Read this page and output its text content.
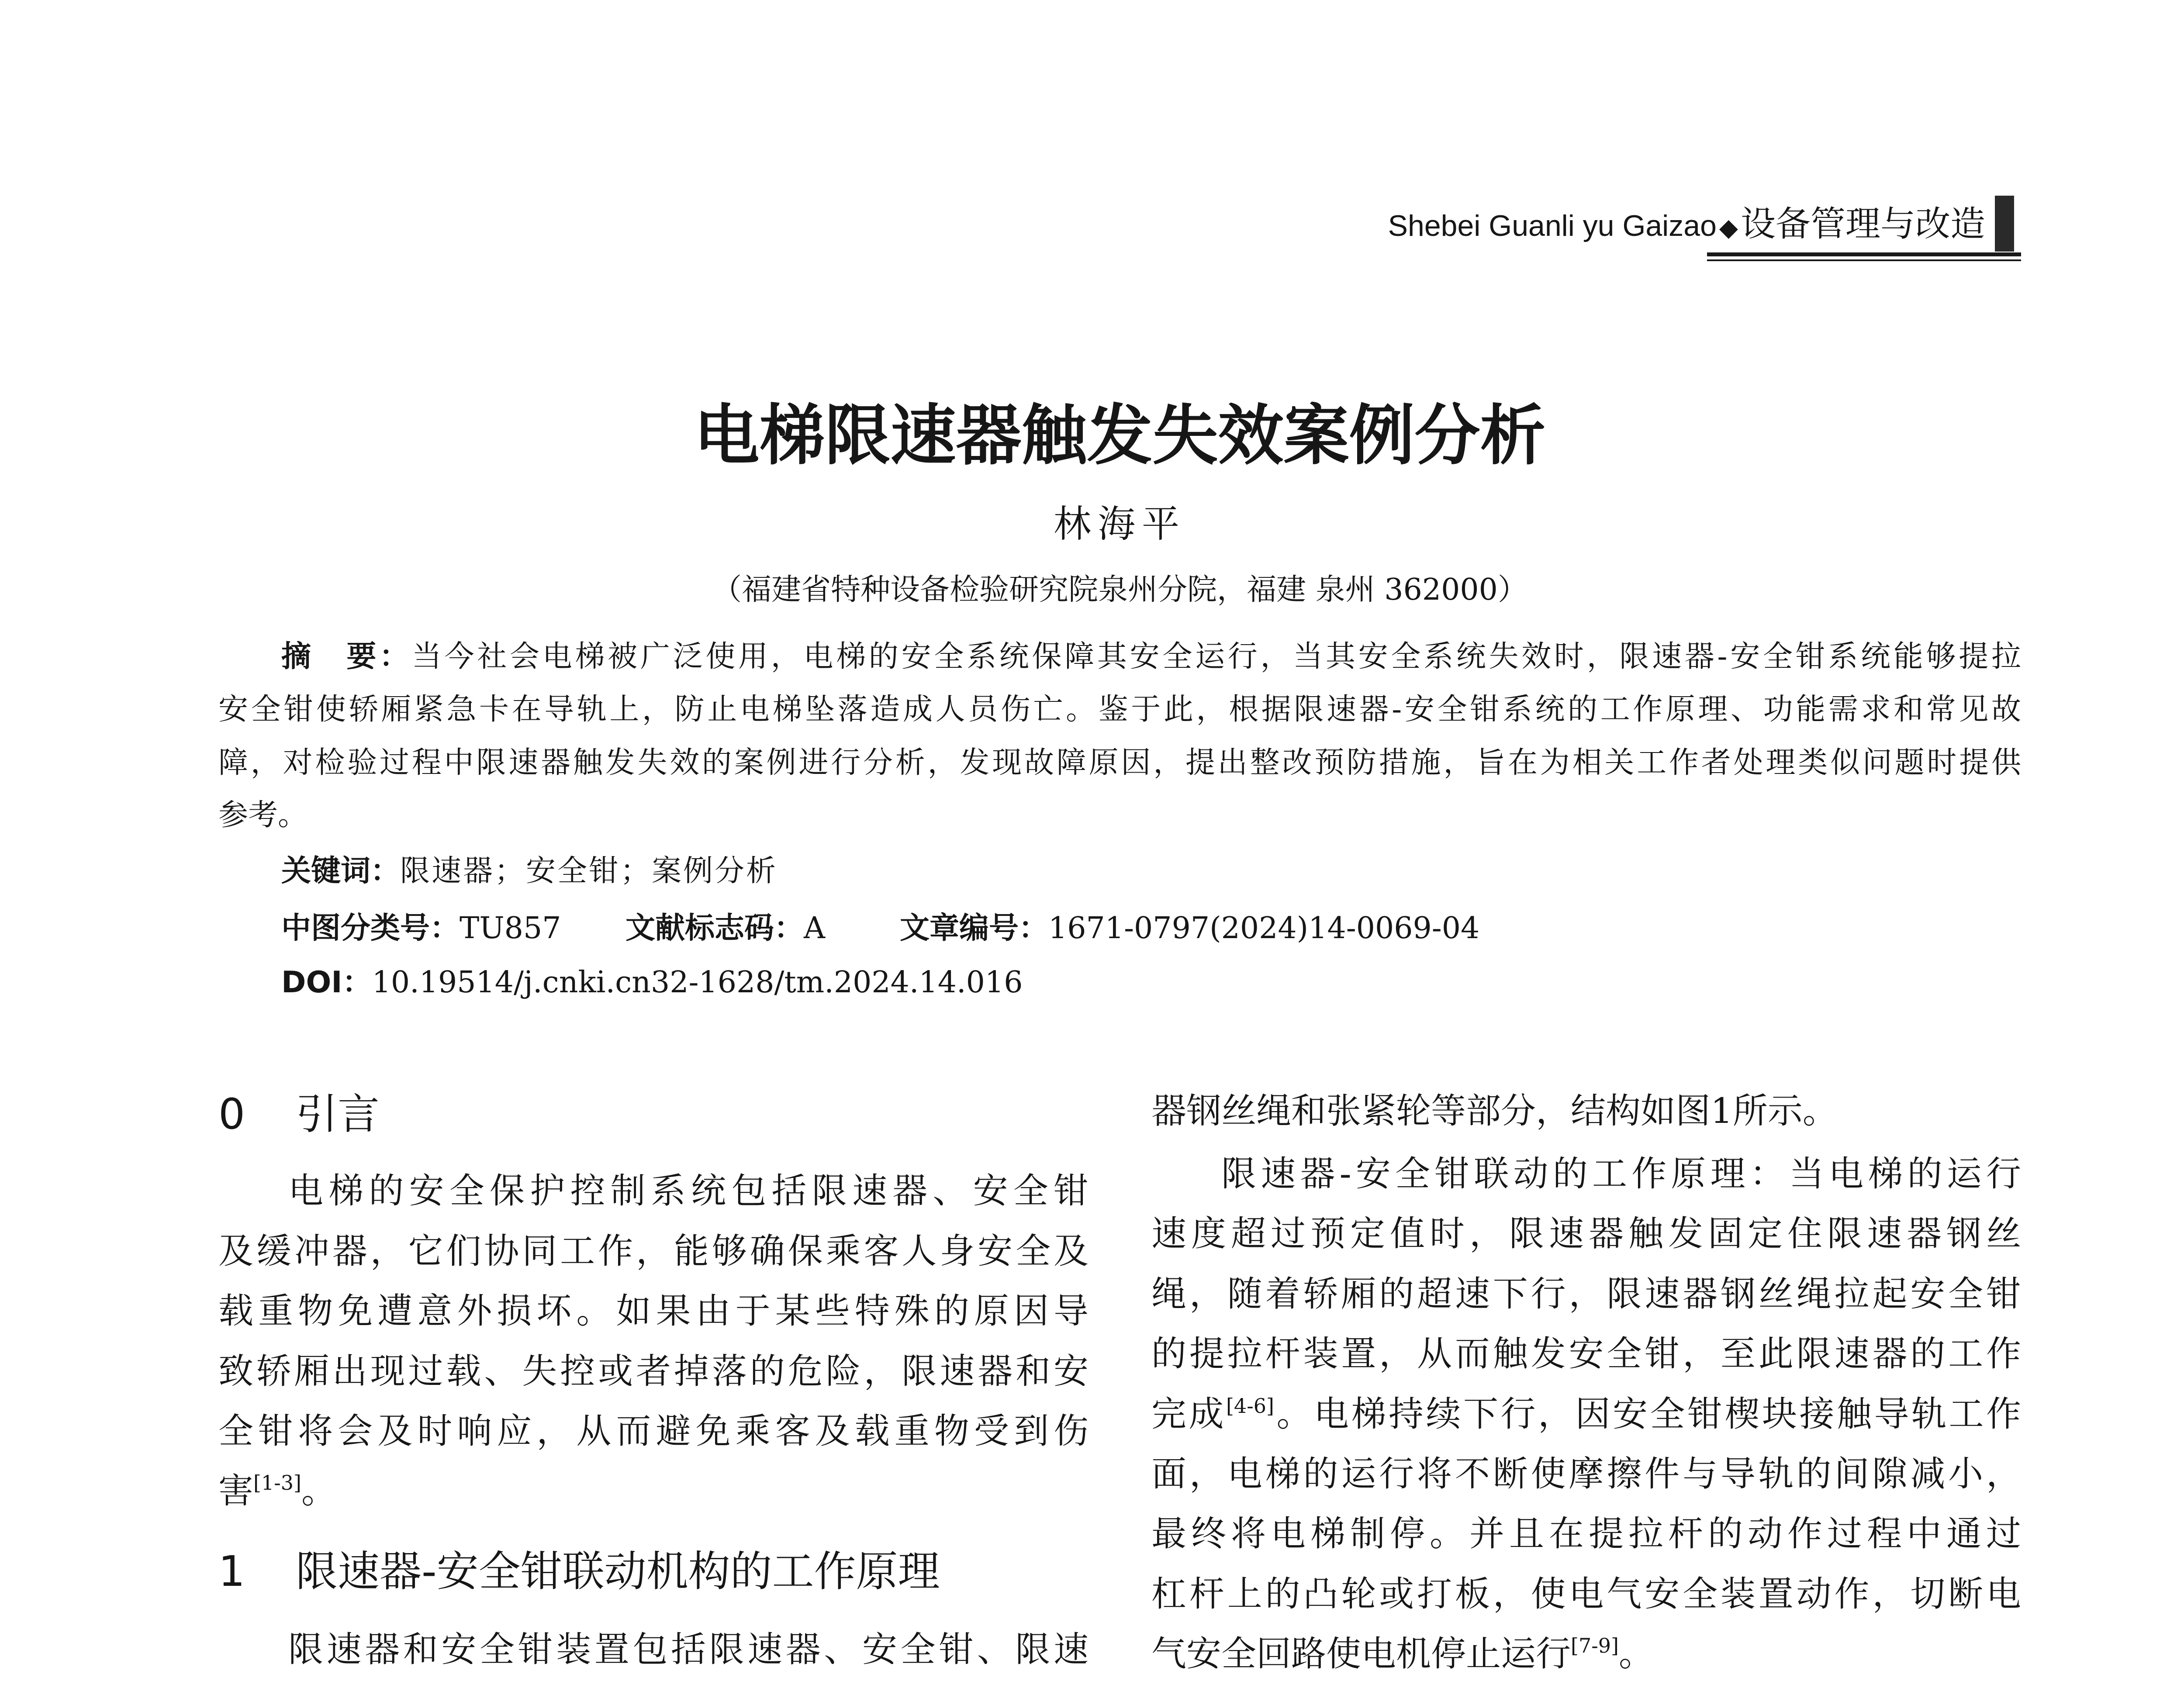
Shebei Guanli yu Gaizao ◆设备管理与改造
电梯限速器触发失效案例分析
林海平
（福建省特种设备检验研究院泉州分院，福建 泉州 362000）
摘　要：当今社会电梯被广泛使用，电梯的安全系统保障其安全运行，当其安全系统失效时，限速器-安全钳系统能够提拉
安全钳使轿厢紧急卡在导轨上，防止电梯坠落造成人员伤亡。鉴于此，根据限速器-安全钳系统的工作原理、功能需求和常见故
障，对检验过程中限速器触发失效的案例进行分析，发现故障原因，提出整改预防措施，旨在为相关工作者处理类似问题时提供
参考。
关键词：限速器；安全钳；案例分析
中图分类号：TU857 文献标志码：A	文章编号：1671-0797(2024)14-0069-04
DOI：10.19514/j.cnki.cn32-1628/tm.2024.14.016
0 引言
电梯的安全保护控制系统包括限速器、安全钳
及缓冲器，它们协同工作，能够确保乘客人身安全及
载重物免遭意外损坏。如果由于某些特殊的原因导
致轿厢出现过载、失控或者掉落的危险，限速器和安
全钳将会及时响应，从而避免乘客及载重物受到伤
害[1-3]。
1 限速器-安全钳联动机构的工作原理
限速器和安全钳装置包括限速器、安全钳、限速
器钢丝绳和张紧轮等部分，结构如图1所示。
限速器-安全钳联动的工作原理：当电梯的运行
速度超过预定值时，限速器触发固定住限速器钢丝
绳，随着轿厢的超速下行，限速器钢丝绳拉起安全钳
的提拉杆装置，从而触发安全钳，至此限速器的工作
完成[4-6]。电梯持续下行，因安全钳楔块接触导轨工作
面，电梯的运行将不断使摩擦件与导轨的间隙减小，
最终将电梯制停。并且在提拉杆的动作过程中通过
杠杆上的凸轮或打板，使电气安全装置动作，切断电
气安全回路使电机停止运行[7-9]。
